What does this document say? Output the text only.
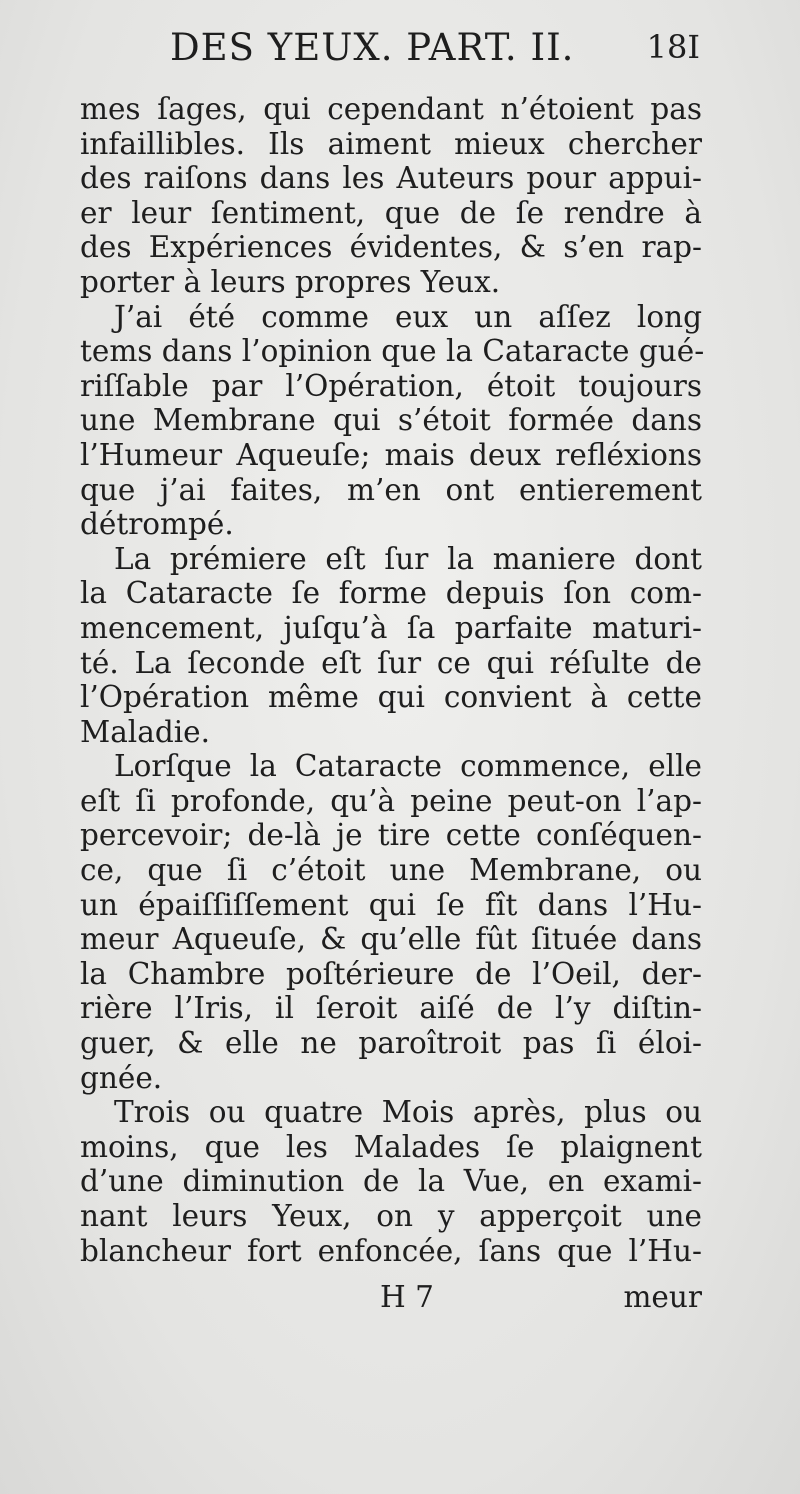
DES YEUX. PART. II. 18I
mes ſages, qui cependant n’étoient pas
infaillibles. Ils aiment mieux chercher
des raiſons dans les Auteurs pour appui-
er leur ſentiment, que de ſe rendre à
des Expériences évidentes, & s’en rap-
porter à leurs propres Yeux.
J’ai été comme eux un aſſez long
tems dans l’opinion que la Cataracte gué-
riſſable par l’Opération, étoit toujours
une Membrane qui s’étoit formée dans
l’Humeur Aqueuſe; mais deux refléxions
que j’ai faites, m’en ont entierement
détrompé.
La prémiere eſt ſur la maniere dont
la Cataracte ſe forme depuis ſon com-
mencement, juſqu’à ſa parfaite maturi-
té. La ſeconde eſt ſur ce qui réſulte de
l’Opération même qui convient à cette
Maladie.
Lorſque la Cataracte commence, elle
eſt ſi profonde, qu’à peine peut-on l’ap-
percevoir; de-là je tire cette conſéquen-
ce, que ſi c’étoit une Membrane, ou
un épaiſſiſſement qui ſe fît dans l’Hu-
meur Aqueuſe, & qu’elle fût ſituée dans
la Chambre poſtérieure de l’Oeil, der-
rière l’Iris, il ſeroit aiſé de l’y diſtin-
guer, & elle ne paroîtroit pas ſi éloi-
gnée.
Trois ou quatre Mois après, plus ou
moins, que les Malades ſe plaignent
d’une diminution de la Vue, en exami-
nant leurs Yeux, on y apperçoit une
blancheur fort enfoncée, ſans que l’Hu-
H 7	meur
